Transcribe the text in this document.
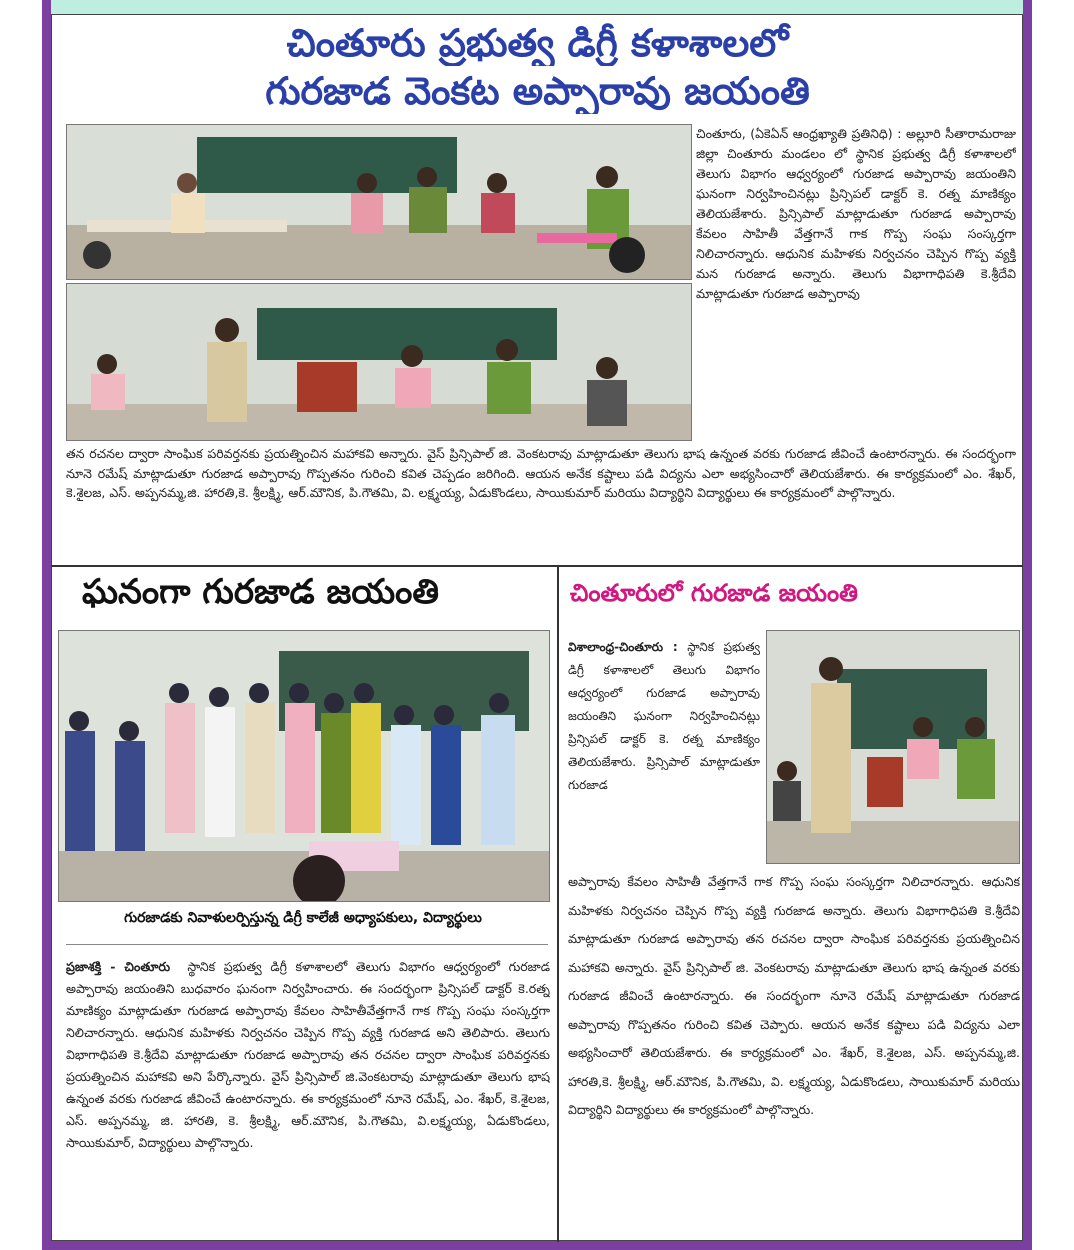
చింతూరు ప్రభుత్వ డిగ్రీ కళాశాలలో
గురజాడ వెంకట అప్పారావు జయంతి

చింతూరు, (ఏకెఏన్ ఆంధ్రఖ్యాతి ప్రతినిధి) : అల్లూరి సీతారామరాజు జిల్లా చింతూరు మండలం లో స్థానిక ప్రభుత్వ డిగ్రీ కళాశాలలో తెలుగు విభాగం ఆధ్వర్యంలో గురజాడ అప్పారావు జయంతిని ఘనంగా నిర్వహించినట్లు ప్రిన్సిపల్ డాక్టర్ కె. రత్న మాణిక్యం తెలియజేశారు. ప్రిన్సిపాల్ మాట్లాడుతూ గురజాడ అప్పారావు కేవలం సాహితీ వేత్తగానే గాక గొప్ప సంఘ సంస్కర్తగా నిలిచారన్నారు. ఆధునిక మహిళకు నిర్వచనం చెప్పిన గొప్ప వ్యక్తి మన గురజాడ అన్నారు. తెలుగు విభాగాధిపతి కె.శ్రీదేవి మాట్లాడుతూ గురజాడ అప్పారావు

తన రచనల ద్వారా సాంఘిక పరివర్తనకు ప్రయత్నించిన మహాకవి అన్నారు. వైస్ ప్రిన్సిపాల్ జి. వెంకటరావు మాట్లాడుతూ తెలుగు భాష ఉన్నంత వరకు గురజాడ జీవించే ఉంటారన్నారు. ఈ సందర్భంగా నూనె రమేష్ మాట్లాడుతూ గురజాడ అప్పారావు గొప్పతనం గురించి కవిత చెప్పడం జరిగింది. ఆయన అనేక కష్టాలు పడి విద్యను ఎలా అభ్యసించారో తెలియజేశారు. ఈ కార్యక్రమంలో ఎం. శేఖర్, కె.శైలజ, ఎస్. అప్పనమ్మ,జి. హారతి,కె. శ్రీలక్ష్మి, ఆర్.మౌనిక, పి.గౌతమి, వి. లక్ష్మయ్య, ఏడుకొండలు, సాయికుమార్ మరియు విద్యార్థిని విద్యార్థులు ఈ కార్యక్రమంలో పాల్గొన్నారు.

ఘనంగా గురజాడ జయంతి
గురజాడకు నివాళులర్పిస్తున్న డిగ్రీ కాలేజీ అధ్యాపకులు, విద్యార్థులు

ప్రజాశక్తి - చింతూరు స్థానిక ప్రభుత్వ డిగ్రీ కళాశాలలో తెలుగు విభాగం ఆధ్వర్యంలో గురజాడ అప్పారావు జయంతిని బుధవారం ఘనంగా నిర్వహించారు. ఈ సందర్భంగా ప్రిన్సిపల్ డాక్టర్ కె.రత్న మాణిక్యం మాట్లాడుతూ గురజాడ అప్పారావు కేవలం సాహితీవేత్తగానే గాక గొప్ప సంఘ సంస్కర్తగా నిలిచారన్నారు. ఆధునిక మహిళకు నిర్వచనం చెప్పిన గొప్ప వ్యక్తి గురజాడ అని తెలిపారు. తెలుగు విభాగాధిపతి కె.శ్రీదేవి మాట్లాడుతూ గురజాడ అప్పారావు తన రచనల ద్వారా సాంఘిక పరివర్తనకు ప్రయత్నించిన మహాకవి అని పేర్కొన్నారు. వైస్ ప్రిన్సిపాల్ జి.వెంకటరావు మాట్లాడుతూ తెలుగు భాష ఉన్నంత వరకు గురజాడ జీవించే ఉంటారన్నారు. ఈ కార్యక్రమంలో నూనె రమేష్, ఎం. శేఖర్, కె.శైలజ, ఎస్. అప్పనమ్మ, జి. హారతి, కె. శ్రీలక్ష్మి, ఆర్.మౌనిక, పి.గౌతమి, వి.లక్ష్మయ్య, ఏడుకొండలు, సాయికుమార్, విద్యార్థులు పాల్గొన్నారు.

చింతూరులో గురజాడ జయంతి

విశాలాంధ్ర-చింతూరు : స్థానిక ప్రభుత్వ డిగ్రీ కళాశాలలో తెలుగు విభాగం ఆధ్వర్యంలో గురజాడ అప్పారావు జయంతిని ఘనంగా నిర్వహించినట్లు ప్రిన్సిపల్ డాక్టర్ కె. రత్న మాణిక్యం తెలియజేశారు. ప్రిన్సిపాల్ మాట్లాడుతూ గురజాడ

అప్పారావు కేవలం సాహితీ వేత్తగానే గాక గొప్ప సంఘ సంస్కర్తగా నిలిచారన్నారు. ఆధునిక మహిళకు నిర్వచనం చెప్పిన గొప్ప వ్యక్తి గురజాడ అన్నారు. తెలుగు విభాగాధిపతి కె.శ్రీదేవి మాట్లాడుతూ గురజాడ అప్పారావు తన రచనల ద్వారా సాంఘిక పరివర్తనకు ప్రయత్నించిన మహాకవి అన్నారు. వైస్ ప్రిన్సిపాల్ జి. వెంకటరావు మాట్లాడుతూ తెలుగు భాష ఉన్నంత వరకు గురజాడ జీవించే ఉంటారన్నారు. ఈ సందర్భంగా నూనె రమేష్ మాట్లాడుతూ గురజాడ అప్పారావు గొప్పతనం గురించి కవిత చెప్పారు. ఆయన అనేక కష్టాలు పడి విద్యను ఎలా అభ్యసించారో తెలియజేశారు. ఈ కార్యక్రమంలో ఎం. శేఖర్, కె.శైలజ, ఎస్. అప్పనమ్మ,జి. హారతి,కె. శ్రీలక్ష్మి, ఆర్.మౌనిక, పి.గౌతమి, వి. లక్ష్మయ్య, ఏడుకొండలు, సాయికుమార్ మరియు విద్యార్థిని విద్యార్థులు ఈ కార్యక్రమంలో పాల్గొన్నారు.
